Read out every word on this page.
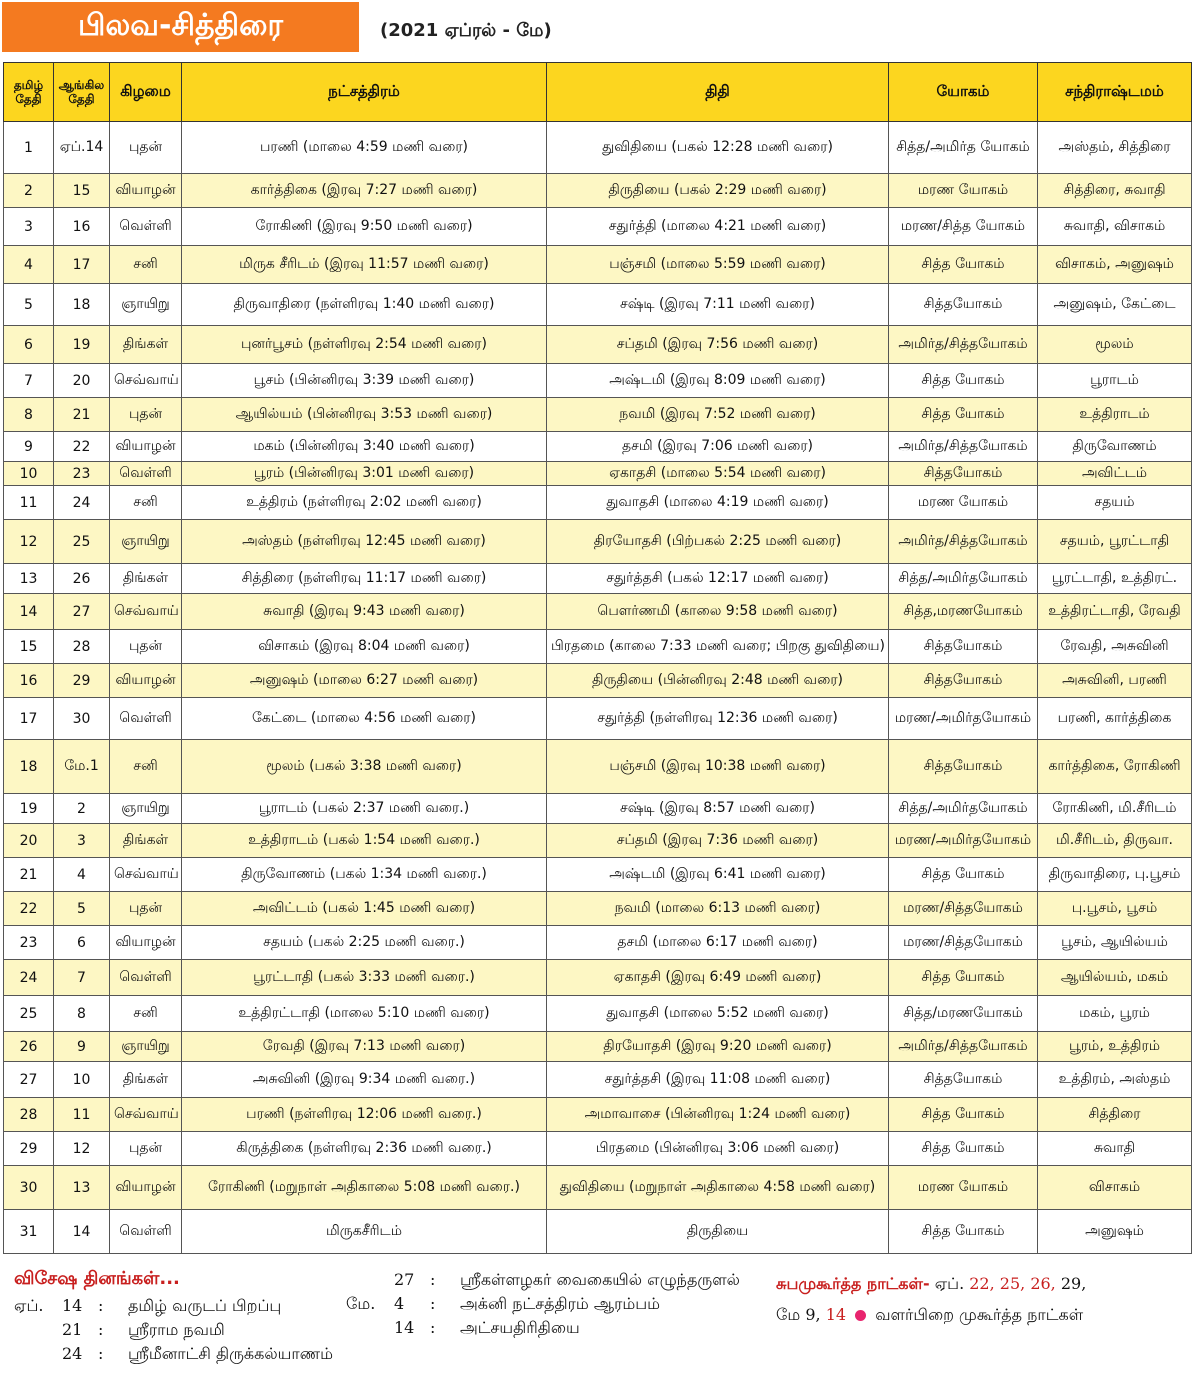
பிலவ-சித்திரை	(2021 ஏப்ரல் - மே)
தமிழ் தேதி	ஆங்கில தேதி	கிழமை	நட்சத்திரம்	திதி	யோகம்	சந்திராஷ்டமம்
1	ஏப்.14	புதன்	பரணி (மாலை 4:59 மணி வரை)	துவிதியை (பகல் 12:28 மணி வரை)	சித்த/அமிர்த யோகம்	அஸ்தம், சித்திரை
2	15	வியாழன்	கார்த்திகை (இரவு 7:27 மணி வரை)	திருதியை (பகல் 2:29 மணி வரை)	மரண யோகம்	சித்திரை, சுவாதி
3	16	வெள்ளி	ரோகிணி (இரவு 9:50 மணி வரை)	சதுர்த்தி (மாலை 4:21 மணி வரை)	மரண/சித்த யோகம்	சுவாதி, விசாகம்
4	17	சனி	மிருக சீரிடம் (இரவு 11:57 மணி வரை)	பஞ்சமி (மாலை 5:59 மணி வரை)	சித்த யோகம்	விசாகம், அனுஷம்
5	18	ஞாயிறு	திருவாதிரை (நள்ளிரவு 1:40 மணி வரை)	சஷ்டி (இரவு 7:11 மணி வரை)	சித்தயோகம்	அனுஷம், கேட்டை
6	19	திங்கள்	புனர்பூசம் (நள்ளிரவு 2:54 மணி வரை)	சப்தமி (இரவு 7:56 மணி வரை)	அமிர்த/சித்தயோகம்	மூலம்
7	20	செவ்வாய்	பூசம் (பின்னிரவு 3:39 மணி வரை)	அஷ்டமி (இரவு 8:09 மணி வரை)	சித்த யோகம்	பூராடம்
8	21	புதன்	ஆயில்யம் (பின்னிரவு 3:53 மணி வரை)	நவமி (இரவு 7:52 மணி வரை)	சித்த யோகம்	உத்திராடம்
9	22	வியாழன்	மகம் (பின்னிரவு 3:40 மணி வரை)	தசமி (இரவு 7:06 மணி வரை)	அமிர்த/சித்தயோகம்	திருவோணம்
10	23	வெள்ளி	பூரம் (பின்னிரவு 3:01 மணி வரை)	ஏகாதசி (மாலை 5:54 மணி வரை)	சித்தயோகம்	அவிட்டம்
11	24	சனி	உத்திரம் (நள்ளிரவு 2:02 மணி வரை)	துவாதசி (மாலை 4:19 மணி வரை)	மரண யோகம்	சதயம்
12	25	ஞாயிறு	அஸ்தம் (நள்ளிரவு 12:45 மணி வரை)	திரயோதசி (பிற்பகல் 2:25 மணி வரை)	அமிர்த/சித்தயோகம்	சதயம், பூரட்டாதி
13	26	திங்கள்	சித்திரை (நள்ளிரவு 11:17 மணி வரை)	சதுர்த்தசி (பகல் 12:17 மணி வரை)	சித்த/அமிர்தயோகம்	பூரட்டாதி, உத்திரட்.
14	27	செவ்வாய்	சுவாதி (இரவு 9:43 மணி வரை)	பௌர்ணமி (காலை 9:58 மணி வரை)	சித்த,மரணயோகம்	உத்திரட்டாதி, ரேவதி
15	28	புதன்	விசாகம் (இரவு 8:04 மணி வரை)	பிரதமை (காலை 7:33 மணி வரை; பிறகு துவிதியை)	சித்தயோகம்	ரேவதி, அசுவினி
16	29	வியாழன்	அனுஷம் (மாலை 6:27 மணி வரை)	திருதியை (பின்னிரவு 2:48 மணி வரை)	சித்தயோகம்	அசுவினி, பரணி
17	30	வெள்ளி	கேட்டை (மாலை 4:56 மணி வரை)	சதுர்த்தி (நள்ளிரவு 12:36 மணி வரை)	மரண/அமிர்தயோகம்	பரணி, கார்த்திகை
18	மே.1	சனி	மூலம் (பகல் 3:38 மணி வரை)	பஞ்சமி (இரவு 10:38 மணி வரை)	சித்தயோகம்	கார்த்திகை, ரோகிணி
19	2	ஞாயிறு	பூராடம் (பகல் 2:37 மணி வரை.)	சஷ்டி (இரவு 8:57 மணி வரை)	சித்த/அமிர்தயோகம்	ரோகிணி, மி.சீரிடம்
20	3	திங்கள்	உத்திராடம் (பகல் 1:54 மணி வரை.)	சப்தமி (இரவு 7:36 மணி வரை)	மரண/அமிர்தயோகம்	மி.சீரிடம், திருவா.
21	4	செவ்வாய்	திருவோணம் (பகல் 1:34 மணி வரை.)	அஷ்டமி (இரவு 6:41 மணி வரை)	சித்த யோகம்	திருவாதிரை, பு.பூசம்
22	5	புதன்	அவிட்டம் (பகல் 1:45 மணி வரை)	நவமி (மாலை 6:13 மணி வரை)	மரண/சித்தயோகம்	பு.பூசம், பூசம்
23	6	வியாழன்	சதயம் (பகல் 2:25 மணி வரை.)	தசமி (மாலை 6:17 மணி வரை)	மரண/சித்தயோகம்	பூசம், ஆயில்யம்
24	7	வெள்ளி	பூரட்டாதி (பகல் 3:33 மணி வரை.)	ஏகாதசி (இரவு 6:49 மணி வரை)	சித்த யோகம்	ஆயில்யம், மகம்
25	8	சனி	உத்திரட்டாதி (மாலை 5:10 மணி வரை)	துவாதசி (மாலை 5:52 மணி வரை)	சித்த/மரணயோகம்	மகம், பூரம்
26	9	ஞாயிறு	ரேவதி (இரவு 7:13 மணி வரை)	திரயோதசி (இரவு 9:20 மணி வரை)	அமிர்த/சித்தயோகம்	பூரம், உத்திரம்
27	10	திங்கள்	அசுவினி (இரவு 9:34 மணி வரை.)	சதுர்த்தசி (இரவு 11:08 மணி வரை)	சித்தயோகம்	உத்திரம், அஸ்தம்
28	11	செவ்வாய்	பரணி (நள்ளிரவு 12:06 மணி வரை.)	அமாவாசை (பின்னிரவு 1:24 மணி வரை)	சித்த யோகம்	சித்திரை
29	12	புதன்	கிருத்திகை (நள்ளிரவு 2:36 மணி வரை.)	பிரதமை (பின்னிரவு 3:06 மணி வரை)	சித்த யோகம்	சுவாதி
30	13	வியாழன்	ரோகிணி (மறுநாள் அதிகாலை 5:08 மணி வரை.)	துவிதியை (மறுநாள் அதிகாலை 4:58 மணி வரை)	மரண யோகம்	விசாகம்
31	14	வெள்ளி	மிருகசீரிடம்	திருதியை	சித்த யோகம்	அனுஷம்
விசேஷ தினங்கள்...
ஏப். 14 : தமிழ் வருடப் பிறப்பு
21 : ஸ்ரீராம நவமி
24 : ஸ்ரீமீனாட்சி திருக்கல்யாணம்
27 : ஸ்ரீகள்ளழகர் வைகையில் எழுந்தருளல்
மே. 4 : அக்னி நட்சத்திரம் ஆரம்பம்
14 : அட்சயதிரிதியை
சுபமுகூர்த்த நாட்கள்- ஏப். 22, 25, 26, 29,
மே 9, 14 வளர்பிறை முகூர்த்த நாட்கள்
